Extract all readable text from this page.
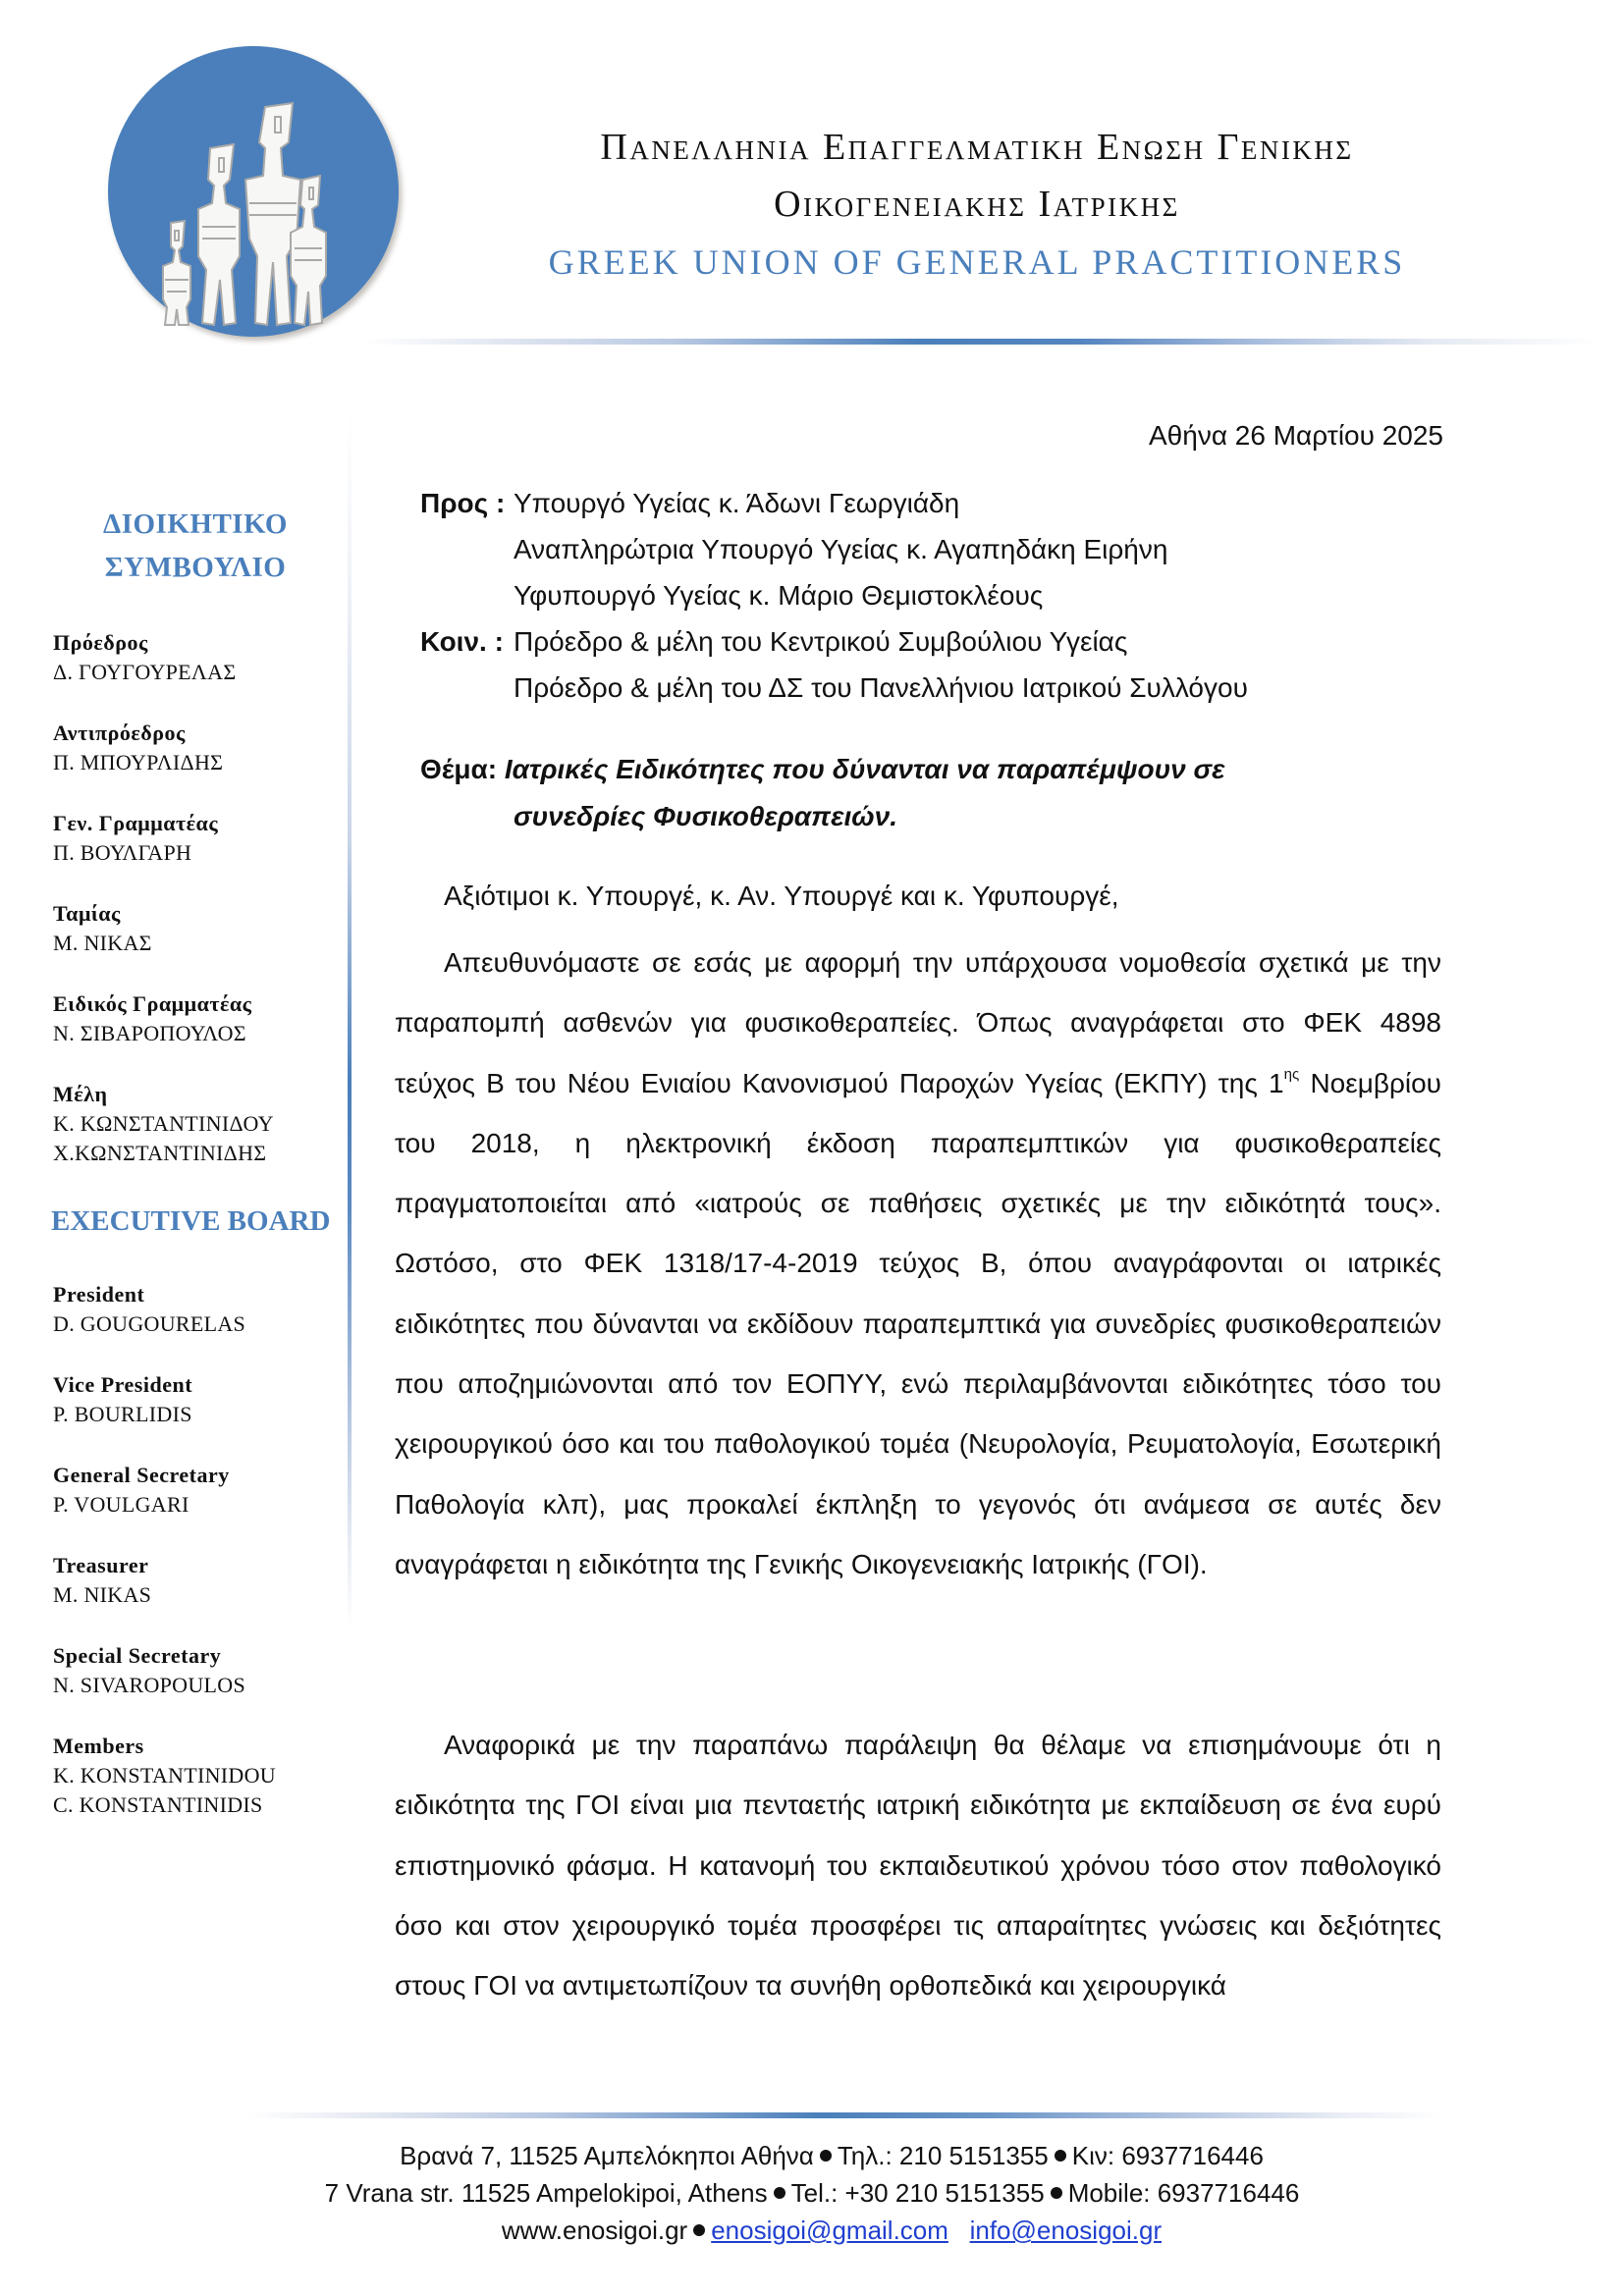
Πανελληνια Επαγγελματικη Ενωση Γενικης
Οικογενειακης Ιατρικης
GREEK UNION OF GENERAL PRACTITIONERS
ΔΙΟΙΚΗΤΙΚΟ
ΣΥΜΒΟΥΛΙΟ
Πρόεδρος
Δ. ΓΟΥΓΟΥΡΕΛΑΣ
Αντιπρόεδρος
Π. ΜΠΟΥΡΛΙΔΗΣ
Γεν. Γραμματέας
Π. ΒΟΥΛΓΑΡΗ
Ταμίας
Μ. ΝΙΚΑΣ
Ειδικός Γραμματέας
Ν. ΣΙΒΑΡΟΠΟΥΛΟΣ
Μέλη
Κ. ΚΩΝΣΤΑΝΤΙΝΙΔΟΥ
Χ.ΚΩΝΣΤΑΝΤΙΝΙΔΗΣ
EXECUTIVE BOARD
President
D. GOUGOURELAS
Vice President
P. BOURLIDIS
General Secretary
P. VOULGARI
Treasurer
M. NIKAS
Special Secretary
N. SIVAROPOULOS
Members
K. KONSTANTINIDOU
C. KONSTANTINIDIS
Αθήνα 26 Μαρτίου 2025
Προς : Υπουργό Υγείας κ. Άδωνι Γεωργιάδη
Αναπληρώτρια Υπουργό Υγείας κ. Αγαπηδάκη Ειρήνη
Υφυπουργό Υγείας κ. Μάριο Θεμιστοκλέους
Κοιν. : Πρόεδρο & μέλη του Κεντρικού Συμβούλιου Υγείας
Πρόεδρο & μέλη του ΔΣ του Πανελλήνιου Ιατρικού Συλλόγου
Θέμα: Ιατρικές Ειδικότητες που δύνανται να παραπέμψουν σε
συνεδρίες Φυσικοθεραπειών.
Αξιότιμοι κ. Υπουργέ, κ. Αν. Υπουργέ και κ. Υφυπουργέ,

Απευθυνόμαστε σε εσάς με αφορμή την υπάρχουσα νομοθεσία σχετικά με την παραπομπή ασθενών για φυσικοθεραπείες. Όπως αναγράφεται στο ΦΕΚ 4898 τεύχος Β του Νέου Ενιαίου Κανονισμού Παροχών Υγείας (ΕΚΠΥ) της $1^{\eta\varsigma}$ Νοεμβρίου του 2018, η ηλεκτρονική έκδοση παραπεμπτικών για φυσικοθεραπείες πραγματοποιείται από «ιατρούς σε παθήσεις σχετικές με την ειδικότητά τους». Ωστόσο, στο ΦΕΚ 1318/17-4-2019 τεύχος Β, όπου αναγράφονται οι ιατρικές ειδικότητες που δύνανται να εκδίδουν παραπεμπτικά για συνεδρίες φυσικοθεραπειών που αποζημιώνονται από τον ΕΟΠΥΥ, ενώ περιλαμβάνονται ειδικότητες τόσο του χειρουργικού όσο και του παθολογικού τομέα (Νευρολογία, Ρευματολογία, Εσωτερική Παθολογία κλπ), μας προκαλεί έκπληξη το γεγονός ότι ανάμεσα σε αυτές δεν αναγράφεται η ειδικότητα της Γενικής Οικογενειακής Ιατρικής (ΓΟΙ).

Αναφορικά με την παραπάνω παράλειψη θα θέλαμε να επισημάνουμε ότι η ειδικότητα της ΓΟΙ είναι μια πενταετής ιατρική ειδικότητα με εκπαίδευση σε ένα ευρύ επιστημονικό φάσμα. Η κατανομή του εκπαιδευτικού χρόνου τόσο στον παθολογικό όσο και στον χειρουργικό τομέα προσφέρει τις απαραίτητες γνώσεις και δεξιότητες στους ΓΟΙ να αντιμετωπίζουν τα συνήθη ορθοπεδικά και χειρουργικά

Βρανά 7, 11525 Αμπελόκηποι Αθήνα Τηλ.: 210 5151355 Κιν: 6937716446
7 Vrana str. 11525 Ampelokipoi, Athens Tel.: +30 210 5151355 Mobile: 6937716446
www.enosigoi.gr enosigoi@gmail.com info@enosigoi.gr
